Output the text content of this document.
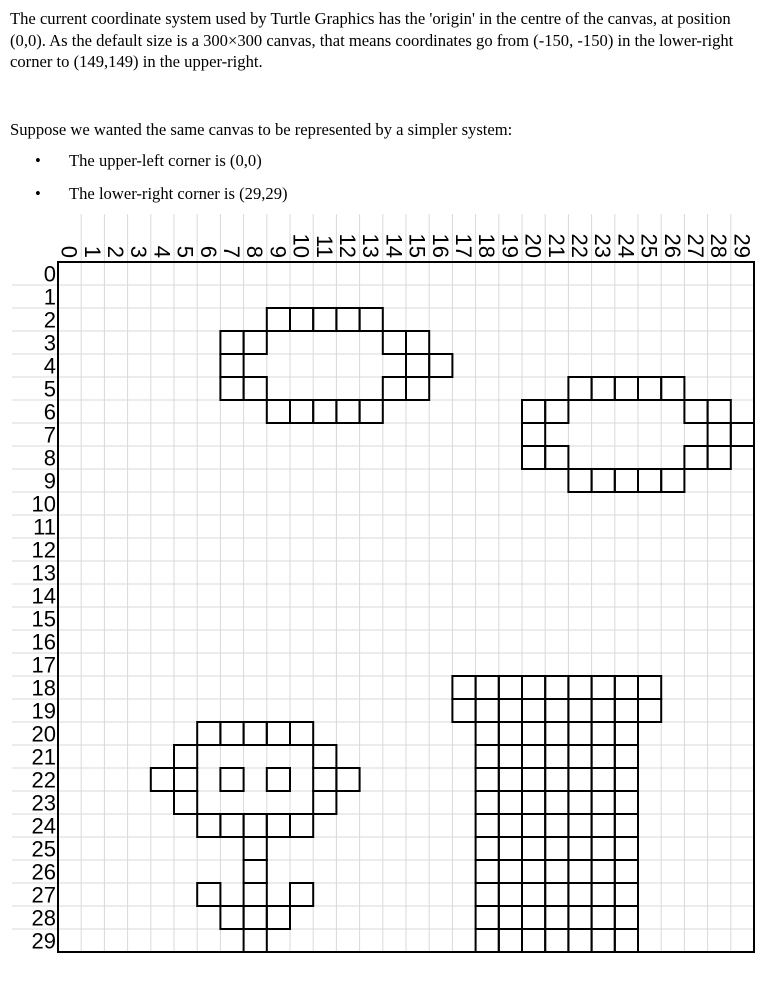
The current coordinate system used by Turtle Graphics has the 'origin' in the centre of the canvas, at position (0,0). As the default size is a 300×300 canvas, that means coordinates go from (-150, -150) in the lower-right corner to (149,149) in the upper-right.

Suppose we wanted the same canvas to be represented by a simpler system:

• The upper-left corner is (0,0)
• The lower-right corner is (29,29)
0
1
2
3
4
5
6
7
8
9
10
11
12
13
14
15
16
17
18
19
20
21
22
23
24
25
26
27
28
29
0
1
2
3
4
5
6
7
8
9
10
11
12
13
14
15
16
17
18
19
20
21
22
23
24
25
26
27
28
29
